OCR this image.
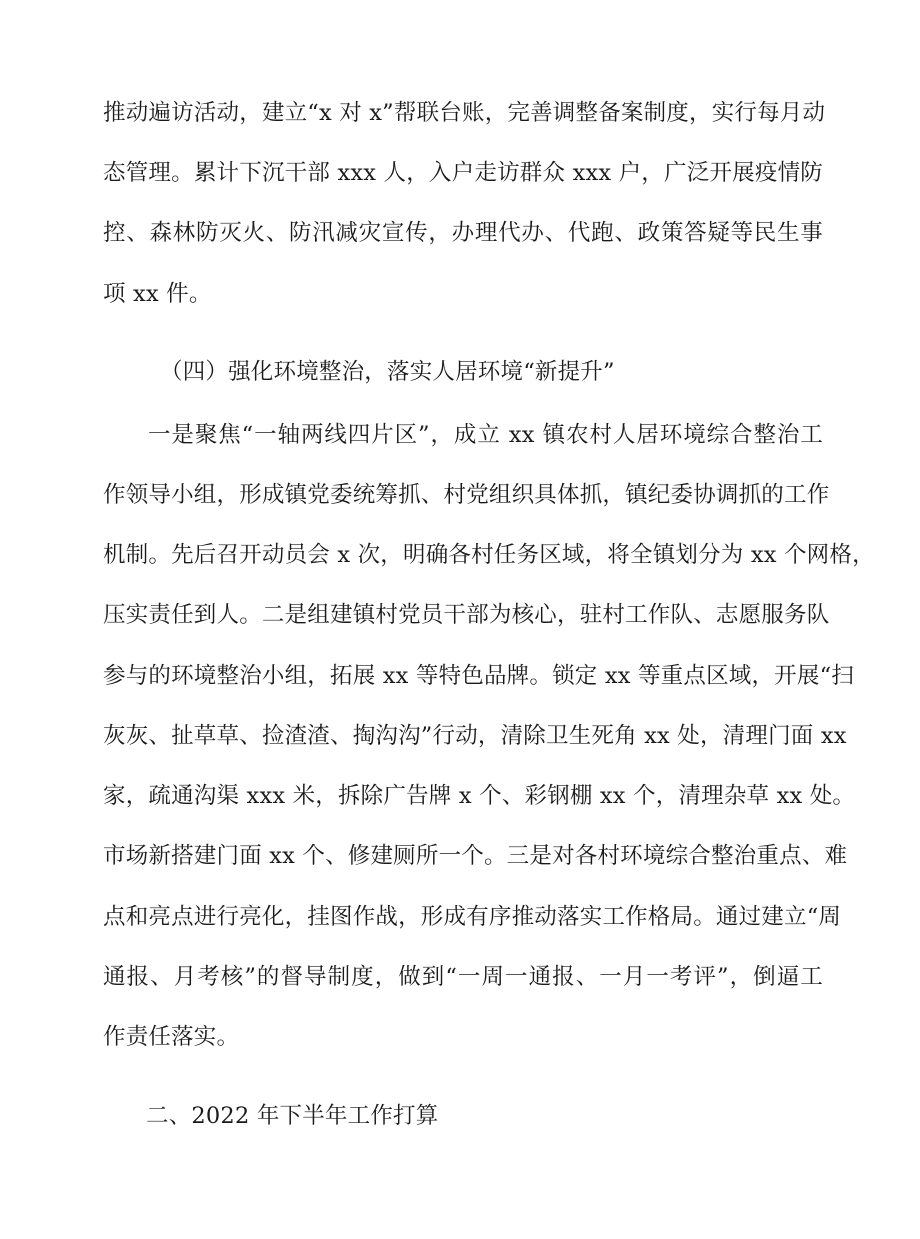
推动遍访活动，建立“x 对 x”帮联台账，完善调整备案制度，实行每月动
态管理。累计下沉干部 xxx 人，入户走访群众 xxx 户，广泛开展疫情防
控、森林防灭火、防汛减灾宣传，办理代办、代跑、政策答疑等民生事
项 xx 件。
（四）强化环境整治，落实人居环境“新提升”
一是聚焦“一轴两线四片区”，成立 xx 镇农村人居环境综合整治工
作领导小组，形成镇党委统筹抓、村党组织具体抓，镇纪委协调抓的工作
机制。先后召开动员会 x 次，明确各村任务区域，将全镇划分为 xx 个网格，
压实责任到人。二是组建镇村党员干部为核心，驻村工作队、志愿服务队
参与的环境整治小组，拓展 xx 等特色品牌。锁定 xx 等重点区域，开展“扫
灰灰、扯草草、捡渣渣、掏沟沟”行动，清除卫生死角 xx 处，清理门面 xx
家，疏通沟渠 xxx 米，拆除广告牌 x 个、彩钢棚 xx 个，清理杂草 xx 处。
市场新搭建门面 xx 个、修建厕所一个。三是对各村环境综合整治重点、难
点和亮点进行亮化，挂图作战，形成有序推动落实工作格局。通过建立“周
通报、月考核”的督导制度，做到“一周一通报、一月一考评”，倒逼工
作责任落实。
二、2022 年下半年工作打算
